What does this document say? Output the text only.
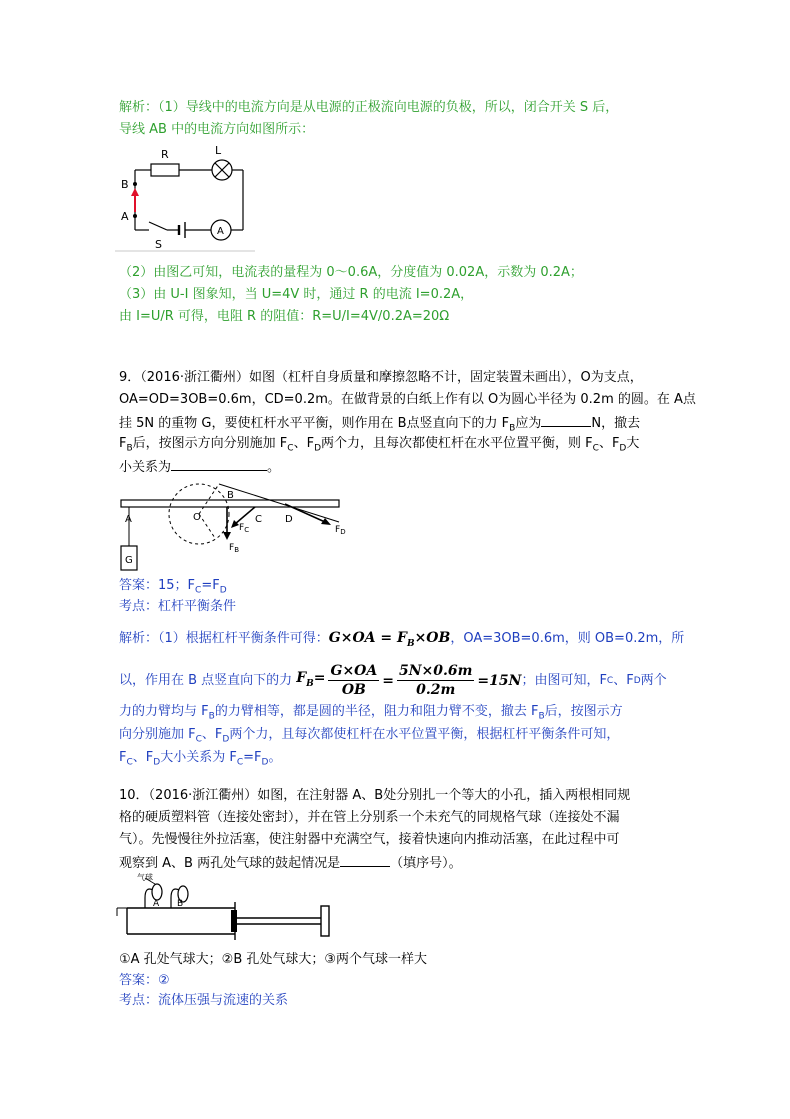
解析：（1）导线中的电流方向是从电源的正极流向电源的负极，所以，闭合开关 S 后，
导线 AB 中的电流方向如图所示：
R	L
B
A
S
A
（2）由图乙可知，电流表的量程为 0～0.6A，分度值为 0.02A，示数为 0.2A；
（3）由 U-I 图象知，当 U=4V 时，通过 R 的电流 I=0.2A，
由 I=U/R 可得，电阻 R 的阻值：R=U/I=4V/0.2A=20Ω
9．（2016·浙江衢州）如图（杠杆自身质量和摩擦忽略不计，固定装置未画出），O为支点，
OA=OD=3OB=0.6m，CD=0.2m。在做背景的白纸上作有以 O为圆心半径为 0.2m 的圆。在 A点
挂 5N 的重物 G，要使杠杆水平平衡，则作用在 B点竖直向下的力 $F_B$应为	N，撤去
$F_B$后，按图示方向分别施加 $F_C$、$F_D$两个力，且每次都使杠杆在水平位置平衡，则 $F_C$、$F_D$大
小关系为	。
A	O
B
C D
G
$F_B$
$F_C$	$F_D$
答案：15；$F_C=F_D$
考点：杠杆平衡条件
解析：（1）根据杠杆平衡条件可得：$G\times OA = F_B\times OB$，OA=3OB=0.6m，则 OB=0.2m，所
以，作用在 B 点竖直向下的力 $F_B= \frac{G\times OA}{OB} = \frac{5N\times 0.6m}{0.2m} =15N$ ；由图可知，F C 、F D 两个
力的力臂均与 $F_B$的力臂相等，都是圆的半径，阻力和阻力臂不变，撤去 $F_B$后，按图示方
向分别施加 $F_C$、$F_D$两个力，且每次都使杠杆在水平位置平衡，根据杠杆平衡条件可知，
$F_C$、$F_D$大小关系为 $F_C=F_D$。
10．（2016·浙江衢州）如图，在注射器 A、B处分别扎一个等大的小孔，插入两根相同规
格的硬质塑料管（连接处密封），并在管上分别系一个未充气的同规格气球（连接处不漏
气）。先慢慢往外拉活塞，使注射器中充满空气，接着快速向内推动活塞，在此过程中可
观察到 A、B 两孔处气球的鼓起情况是	（填序号）。
气球
A B
①A 孔处气球大；②B 孔处气球大；③两个气球一样大
答案：②
考点：流体压强与流速的关系
